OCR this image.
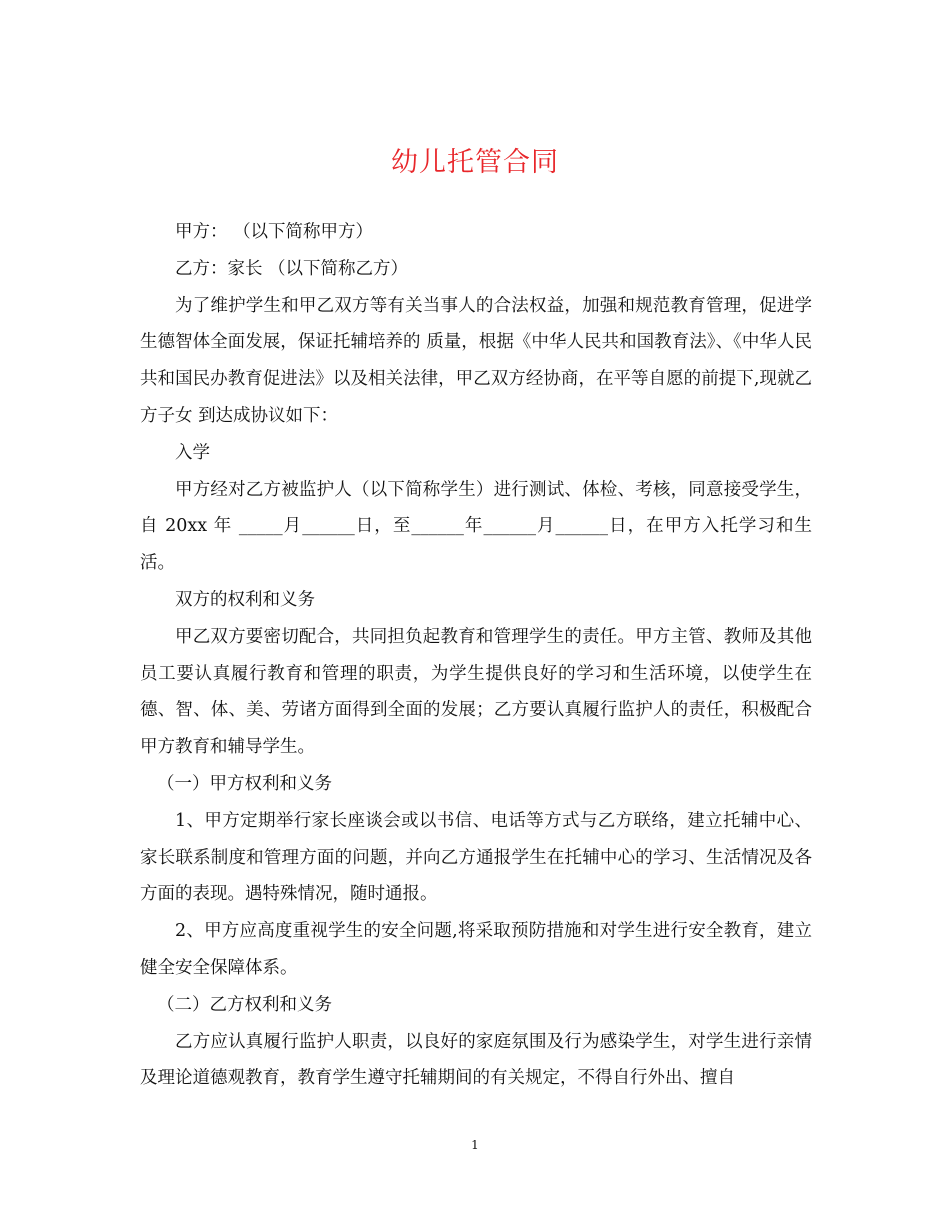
幼儿托管合同

甲方： （以下简称甲方）

乙方：家长 （以下简称乙方）

为了维护学生和甲乙双方等有关当事人的合法权益，加强和规范教育管理，促进学生德智体全面发展，保证托辅培养的 质量，根据《中华人民共和国教育法》、《中华人民共和国民办教育促进法》以及相关法律，甲乙双方经协商，在平等自愿的前提下,现就乙方子女 到达成协议如下：

入学

甲方经对乙方被监护人（以下简称学生）进行测试、体检、考核，同意接受学生，自 20xx 年 _____月______日，至______年______月______日，在甲方入托学习和生活。

双方的权利和义务

甲乙双方要密切配合，共同担负起教育和管理学生的责任。甲方主管、教师及其他员工要认真履行教育和管理的职责，为学生提供良好的学习和生活环境，以使学生在德、智、体、美、劳诸方面得到全面的发展；乙方要认真履行监护人的责任，积极配合甲方教育和辅导学生。

（一）甲方权利和义务

1、甲方定期举行家长座谈会或以书信、电话等方式与乙方联络，建立托辅中心、家长联系制度和管理方面的问题，并向乙方通报学生在托辅中心的学习、生活情况及各方面的表现。遇特殊情况，随时通报。

2、甲方应高度重视学生的安全问题,将采取预防措施和对学生进行安全教育，建立健全安全保障体系。

（二）乙方权利和义务

乙方应认真履行监护人职责，以良好的家庭氛围及行为感染学生，对学生进行亲情及理论道德观教育，教育学生遵守托辅期间的有关规定，不得自行外出、擅自

1
